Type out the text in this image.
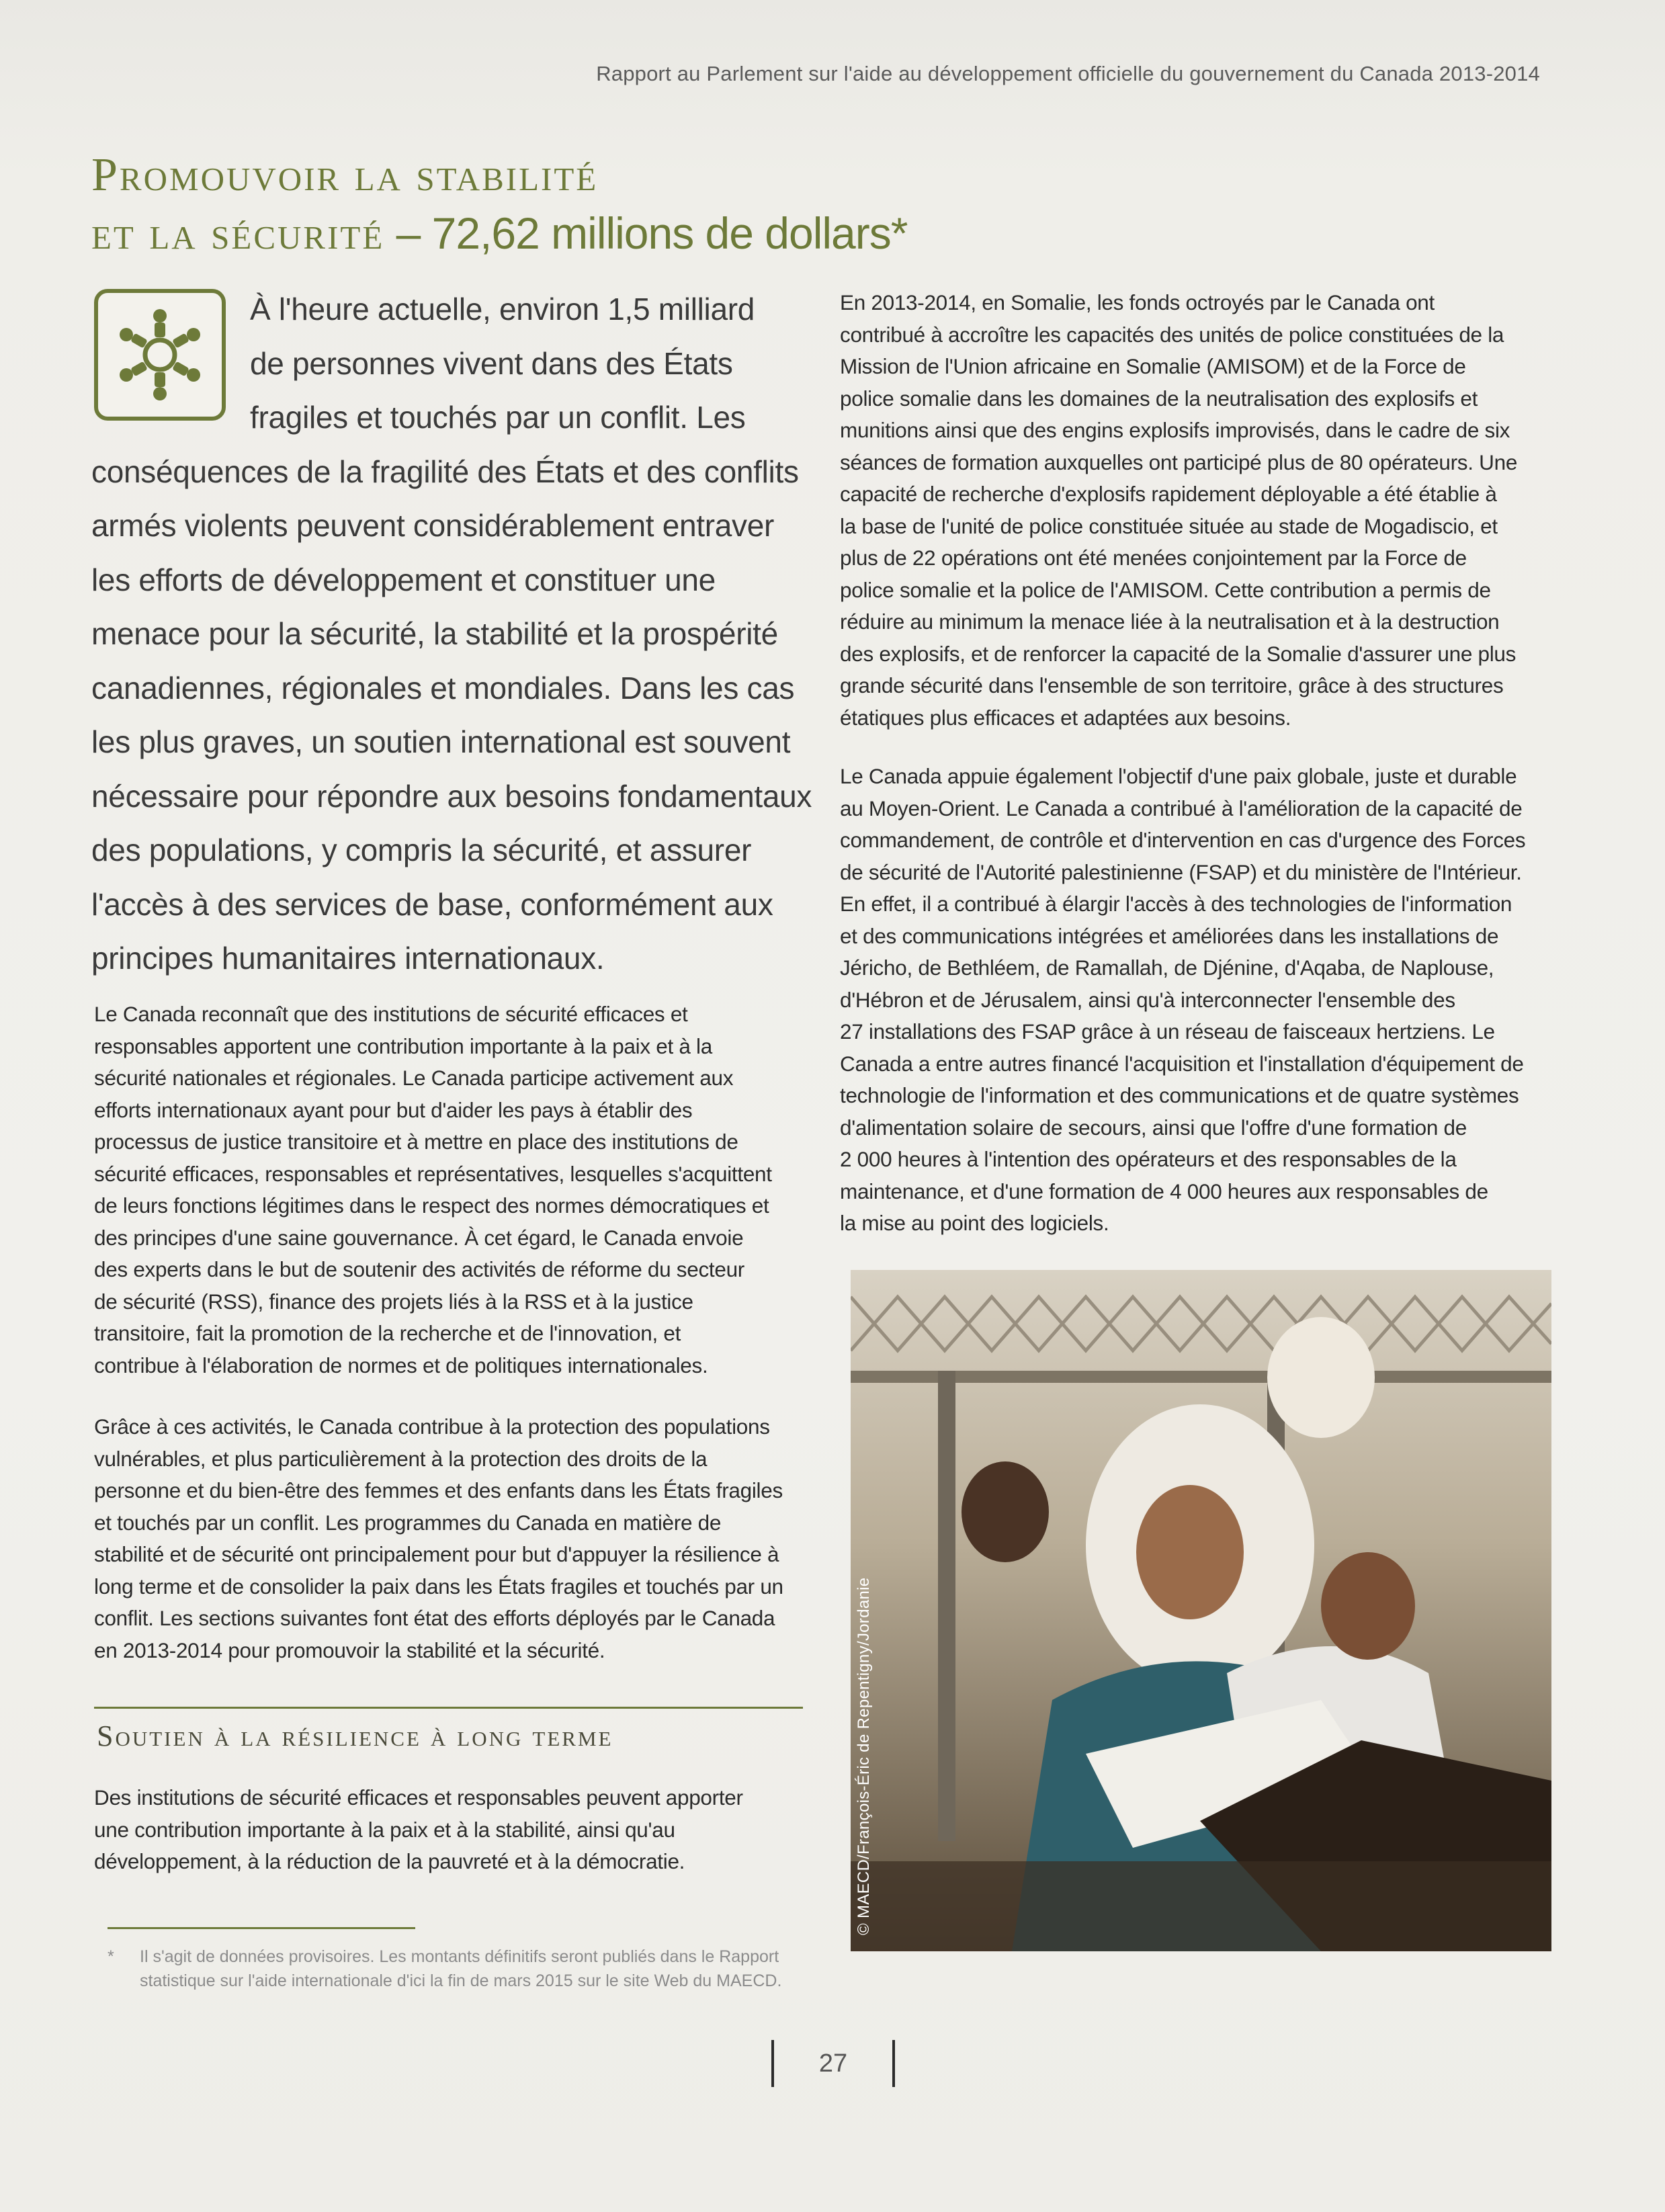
Rapport au Parlement sur l'aide au développement officielle du gouvernement du Canada 2013-2014
Promouvoir la stabilité
et la sécurité – 72,62 millions de dollars*
À l'heure actuelle, environ 1,5 milliard
de personnes vivent dans des États
fragiles et touchés par un conflit. Les
conséquences de la fragilité des États et des conflits
armés violents peuvent considérablement entraver
les efforts de développement et constituer une
menace pour la sécurité, la stabilité et la prospérité
canadiennes, régionales et mondiales. Dans les cas
les plus graves, un soutien international est souvent
nécessaire pour répondre aux besoins fondamentaux
des populations, y compris la sécurité, et assurer
l'accès à des services de base, conformément aux
principes humanitaires internationaux.
Le Canada reconnaît que des institutions de sécurité efficaces et
responsables apportent une contribution importante à la paix et à la
sécurité nationales et régionales. Le Canada participe activement aux
efforts internationaux ayant pour but d'aider les pays à établir des
processus de justice transitoire et à mettre en place des institutions de
sécurité efficaces, responsables et représentatives, lesquelles s'acquittent
de leurs fonctions légitimes dans le respect des normes démocratiques et
des principes d'une saine gouvernance. À cet égard, le Canada envoie
des experts dans le but de soutenir des activités de réforme du secteur
de sécurité (RSS), finance des projets liés à la RSS et à la justice
transitoire, fait la promotion de la recherche et de l'innovation, et
contribue à l'élaboration de normes et de politiques internationales.
Grâce à ces activités, le Canada contribue à la protection des populations
vulnérables, et plus particulièrement à la protection des droits de la
personne et du bien-être des femmes et des enfants dans les États fragiles
et touchés par un conflit. Les programmes du Canada en matière de
stabilité et de sécurité ont principalement pour but d'appuyer la résilience à
long terme et de consolider la paix dans les États fragiles et touchés par un
conflit. Les sections suivantes font état des efforts déployés par le Canada
en 2013-2014 pour promouvoir la stabilité et la sécurité.
Soutien à la résilience à long terme
Des institutions de sécurité efficaces et responsables peuvent apporter
une contribution importante à la paix et à la stabilité, ainsi qu'au
développement, à la réduction de la pauvreté et à la démocratie.
*	Il s'agit de données provisoires. Les montants définitifs seront publiés dans le Rapport
statistique sur l'aide internationale d'ici la fin de mars 2015 sur le site Web du MAECD.
En 2013-2014, en Somalie, les fonds octroyés par le Canada ont
contribué à accroître les capacités des unités de police constituées de la
Mission de l'Union africaine en Somalie (AMISOM) et de la Force de
police somalie dans les domaines de la neutralisation des explosifs et
munitions ainsi que des engins explosifs improvisés, dans le cadre de six
séances de formation auxquelles ont participé plus de 80 opérateurs. Une
capacité de recherche d'explosifs rapidement déployable a été établie à
la base de l'unité de police constituée située au stade de Mogadiscio, et
plus de 22 opérations ont été menées conjointement par la Force de
police somalie et la police de l'AMISOM. Cette contribution a permis de
réduire au minimum la menace liée à la neutralisation et à la destruction
des explosifs, et de renforcer la capacité de la Somalie d'assurer une plus
grande sécurité dans l'ensemble de son territoire, grâce à des structures
étatiques plus efficaces et adaptées aux besoins.
Le Canada appuie également l'objectif d'une paix globale, juste et durable
au Moyen-Orient. Le Canada a contribué à l'amélioration de la capacité de
commandement, de contrôle et d'intervention en cas d'urgence des Forces
de sécurité de l'Autorité palestinienne (FSAP) et du ministère de l'Intérieur.
En effet, il a contribué à élargir l'accès à des technologies de l'information
et des communications intégrées et améliorées dans les installations de
Jéricho, de Bethléem, de Ramallah, de Djénine, d'Aqaba, de Naplouse,
d'Hébron et de Jérusalem, ainsi qu'à interconnecter l'ensemble des
27 installations des FSAP grâce à un réseau de faisceaux hertziens. Le
Canada a entre autres financé l'acquisition et l'installation d'équipement de
technologie de l'information et des communications et de quatre systèmes
d'alimentation solaire de secours, ainsi que l'offre d'une formation de
2 000 heures à l'intention des opérateurs et des responsables de la
maintenance, et d'une formation de 4 000 heures aux responsables de
la mise au point des logiciels.
© MAECD/François-Éric de Repentigny/Jordanie
27
